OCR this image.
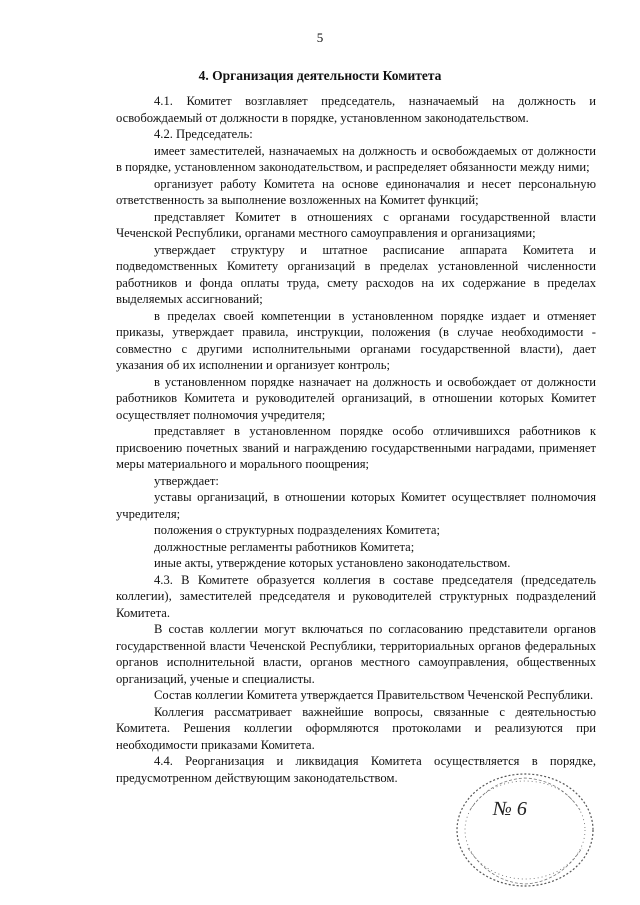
5
4. Организация деятельности Комитета

4.1. Комитет возглавляет председатель, назначаемый на должность и освобождаемый от должности в порядке, установленном законодательством.

4.2. Председатель:

имеет заместителей, назначаемых на должность и освобождаемых от должности в порядке, установленном законодательством, и распределяет обязанности между ними;

организует работу Комитета на основе единоначалия и несет персональную ответственность за выполнение возложенных на Комитет функций;

представляет Комитет в отношениях с органами государственной власти Чеченской Республики, органами местного самоуправления и организациями;

утверждает структуру и штатное расписание аппарата Комитета и подведомственных Комитету организаций в пределах установленной численности работников и фонда оплаты труда, смету расходов на их содержание в пределах выделяемых ассигнований;

в пределах своей компетенции в установленном порядке издает и отменяет приказы, утверждает правила, инструкции, положения (в случае необходимости - совместно с другими исполнительными органами государственной власти), дает указания об их исполнении и организует контроль;

в установленном порядке назначает на должность и освобождает от должности работников Комитета и руководителей организаций, в отношении которых Комитет осуществляет полномочия учредителя;

представляет в установленном порядке особо отличившихся работников к присвоению почетных званий и награждению государственными наградами, применяет меры материального и морального поощрения;

утверждает:

уставы организаций, в отношении которых Комитет осуществляет полномочия учредителя;

положения о структурных подразделениях Комитета;

должностные регламенты работников Комитета;

иные акты, утверждение которых установлено законодательством.

4.3. В Комитете образуется коллегия в составе председателя (председатель коллегии), заместителей председателя и руководителей структурных подразделений Комитета.

В состав коллегии могут включаться по согласованию представители органов государственной власти Чеченской Республики, территориальных органов федеральных органов исполнительной власти, органов местного самоуправления, общественных организаций, ученые и специалисты.

Состав коллегии Комитета утверждается Правительством Чеченской Республики.

Коллегия рассматривает важнейшие вопросы, связанные с деятельностью Комитета. Решения коллегии оформляются протоколами и реализуются при необходимости приказами Комитета.

4.4. Реорганизация и ликвидация Комитета осуществляется в порядке, предусмотренном действующим законодательством.

№ 6
